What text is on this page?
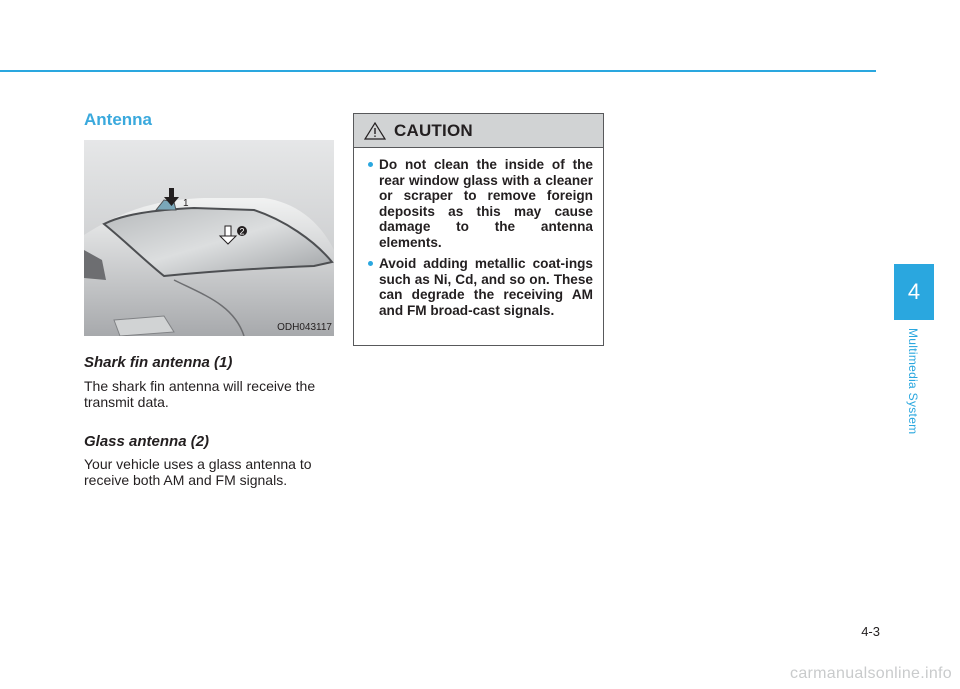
Antenna
1
2
ODH043117
Shark fin antenna (1)
The shark fin antenna will receive the transmit data.
Glass antenna (2)
Your vehicle uses a glass antenna to receive both AM and FM signals.
CAUTION
Do not clean the inside of the rear window glass with a cleaner or scraper to remove foreign deposits as this may cause damage to the antenna elements.
Avoid adding metallic coat-ings such as Ni, Cd, and so on. These can degrade the receiving AM and FM broad-cast signals.
4
Multimedia System
4-3
carmanualsonline.info
